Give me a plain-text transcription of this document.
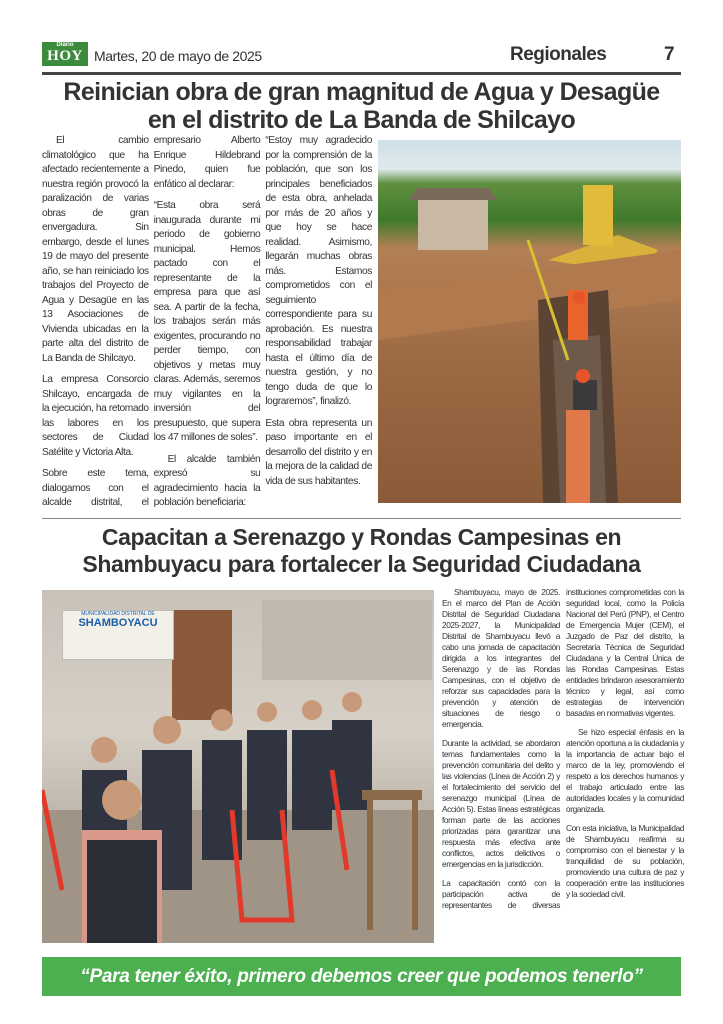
Diario
HOY Martes, 20 de mayo de 2025	Regionales	7
Reinician obra de gran magnitud de Agua y Desagüe
en el distrito de La Banda de Shilcayo

El cambio climatológico que ha afectado recientemente a nuestra región provocó la paralización de varias obras de gran envergadura. Sin embargo, desde el lunes 19 de mayo del presente año, se han reiniciado los trabajos del Proyecto de Agua y Desagüe en las 13 Asociaciones de Vivienda ubicadas en la parte alta del distrito de La Banda de Shilcayo.

La empresa Consorcio Shilcayo, encargada de la ejecución, ha retomado las labores en los sectores de Ciudad Satélite y Victoria Alta.

Sobre este tema, dialogamos con el alcalde distrital, el empresario Alberto Enrique Hildebrand Pinedo, quien fue enfático al declarar:

“Esta obra será inaugurada durante mi periodo de gobierno municipal. Hemos pactado con el representante de la empresa para que así sea. A partir de la fecha, los trabajos serán más exigentes, procurando no perder tiempo, con objetivos y metas muy claras. Además, seremos muy vigilantes en la inversión del presupuesto, que supera los 47 millones de soles”.

El alcalde también expresó su agradecimiento hacia la población beneficiaria:

“Estoy muy agradecido por la comprensión de la población, que son los principales beneficiados de esta obra, anhelada por más de 20 años y que hoy se hace realidad. Asimismo, llegarán muchas obras más. Estamos comprometidos con el seguimiento correspondiente para su aprobación. Es nuestra responsabilidad trabajar hasta el último día de nuestra gestión, y no tengo duda de que lo lograremos”, finalizó.

Esta obra representa un paso importante en el desarrollo del distrito y en la mejora de la calidad de vida de sus habitantes.

Capacitan a Serenazgo y Rondas Campesinas en
Shambuyacu para fortalecer la Seguridad Ciudadana
MUNICIPALIDAD DISTRITAL DE
SHAMBOYACU

Shambuyacu, mayo de 2025. En el marco del Plan de Acción Distrital de Seguridad Ciudadana 2025-2027, la Municipalidad Distrital de Shambuyacu llevó a cabo una jornada de capacitación dirigida a los integrantes del Serenazgo y de las Rondas Campesinas, con el objetivo de reforzar sus capacidades para la prevención y atención de situaciones de riesgo o emergencia.

Durante la actividad, se abordaron temas fundamentales como la prevención comunitaria del delito y las violencias (Línea de Acción 2) y el fortalecimiento del servicio del serenazgo municipal (Línea de Acción 5). Estas líneas estratégicas forman parte de las acciones priorizadas para garantizar una respuesta más efectiva ante conflictos, actos delictivos o emergencias en la jurisdicción.

La capacitación contó con la participación activa de representantes de diversas instituciones comprometidas con la seguridad local, como la Policía Nacional del Perú (PNP), el Centro de Emergencia Mujer (CEM), el Juzgado de Paz del distrito, la Secretaría Técnica de Seguridad Ciudadana y la Central Única de las Rondas Campesinas. Estas entidades brindaron asesoramiento técnico y legal, así como estrategias de intervención basadas en normativas vigentes.

Se hizo especial énfasis en la atención oportuna a la ciudadanía y la importancia de actuar bajo el marco de la ley, promoviendo el respeto a los derechos humanos y el trabajo articulado entre las autoridades locales y la comunidad organizada.

Con esta iniciativa, la Municipalidad de Shambuyacu reafirma su compromiso con el bienestar y la tranquilidad de su población, promoviendo una cultura de paz y cooperación entre las instituciones y la sociedad civil.

“Para tener éxito, primero debemos creer que podemos tenerlo”
